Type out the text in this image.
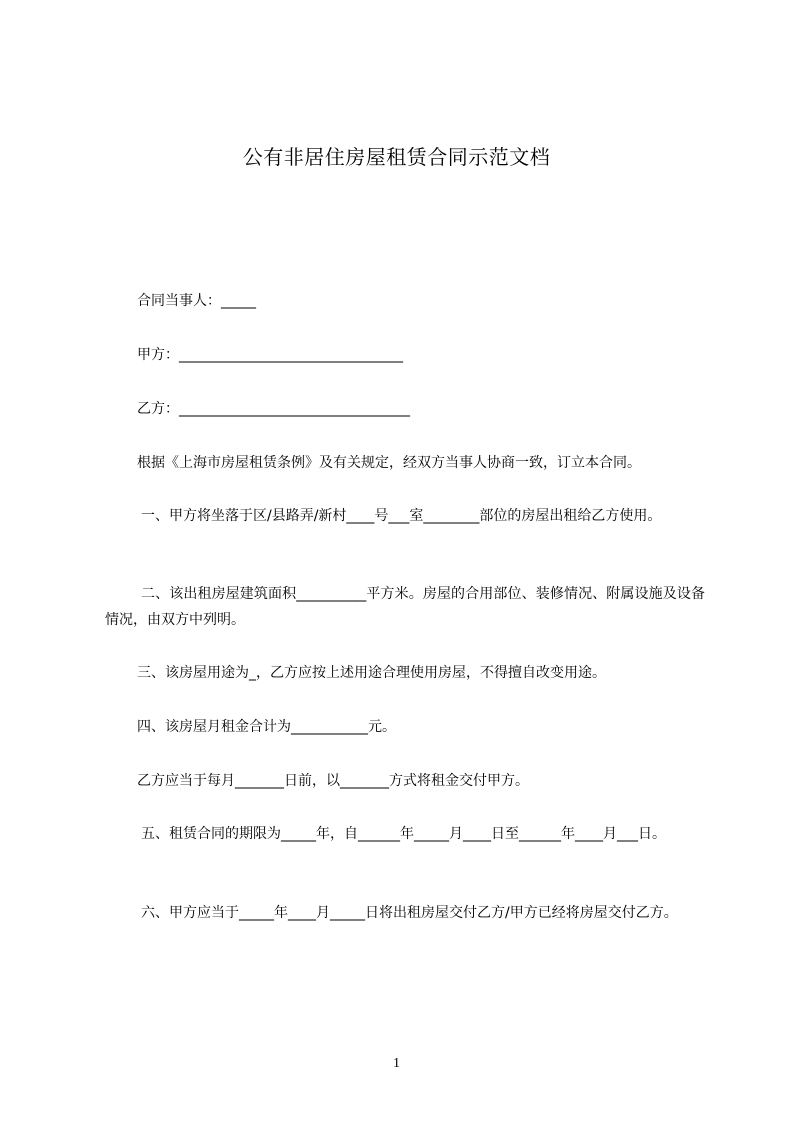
公有非居住房屋租赁合同示范文档
合同当事人：_____
甲方：________________________________
乙方：_________________________________
根据《上海市房屋租赁条例》及有关规定，经双方当事人协商一致，订立本合同。
一、甲方将坐落于区/县路弄/新村____号___室________部位的房屋出租给乙方使用。
二、该出租房屋建筑面积__________平方米。房屋的合用部位、装修情况、附属设施及设备情况，由双方中列明。
三、该房屋用途为_，乙方应按上述用途合理使用房屋，不得擅自改变用途。
四、该房屋月租金合计为___________元。
乙方应当于每月_______日前，以_______方式将租金交付甲方。
五、租赁合同的期限为_____年，自______年_____月____日至______年____月___日。
六、甲方应当于_____年____月_____日将出租房屋交付乙方/甲方已经将房屋交付乙方。
1
